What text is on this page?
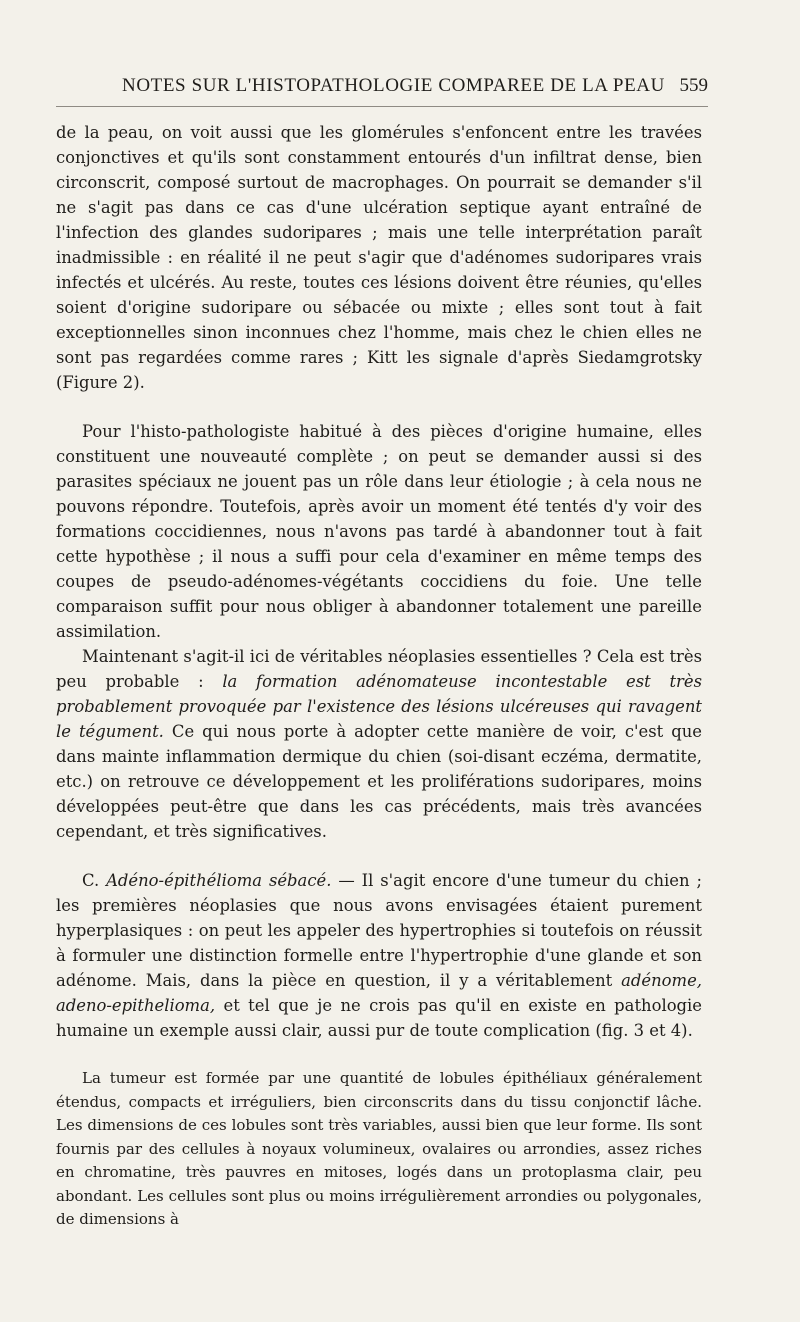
NOTES SUR L'HISTOPATHOLOGIE COMPAREE DE LA PEAU 559

de la peau, on voit aussi que les glomérules s'enfoncent entre les travées conjonctives et qu'ils sont constamment entourés d'un infiltrat dense, bien circonscrit, composé surtout de macrophages. On pourrait se demander s'il ne s'agit pas dans ce cas d'une ulcération septique ayant entraîné de l'infection des glandes sudoripares ; mais une telle interprétation paraît inadmissible : en réalité il ne peut s'agir que d'adénomes sudoripares vrais infectés et ulcérés. Au reste, toutes ces lésions doivent être réunies, qu'elles soient d'origine sudoripare ou sébacée ou mixte ; elles sont tout à fait exceptionnelles sinon inconnues chez l'homme, mais chez le chien elles ne sont pas regardées comme rares ; Kitt les signale d'après Siedamgrotsky (Figure 2).

Pour l'histo-pathologiste habitué à des pièces d'origine humaine, elles constituent une nouveauté complète ; on peut se demander aussi si des parasites spéciaux ne jouent pas un rôle dans leur étiologie ; à cela nous ne pouvons répondre. Toutefois, après avoir un moment été tentés d'y voir des formations coccidiennes, nous n'avons pas tardé à abandonner tout à fait cette hypothèse ; il nous a suffi pour cela d'examiner en même temps des coupes de pseudo-adénomes-végétants coccidiens du foie. Une telle comparaison suffit pour nous obliger à abandonner totalement une pareille assimilation.

Maintenant s'agit-il ici de véritables néoplasies essentielles ? Cela est très peu probable : la formation adénomateuse incontestable est très probablement provoquée par l'existence des lésions ulcéreuses qui ravagent le tégument. Ce qui nous porte à adopter cette manière de voir, c'est que dans mainte inflammation dermique du chien (soi-disant eczéma, dermatite, etc.) on retrouve ce développement et les proliférations sudoripares, moins développées peut-être que dans les cas précédents, mais très avancées cependant, et très significatives.

C. Adéno-épithélioma sébacé. — Il s'agit encore d'une tumeur du chien ; les premières néoplasies que nous avons envisagées étaient purement hyperplasiques : on peut les appeler des hypertrophies si toutefois on réussit à formuler une distinction formelle entre l'hypertrophie d'une glande et son adénome. Mais, dans la pièce en question, il y a véritablement adénome, adeno-epithelioma, et tel que je ne crois pas qu'il en existe en pathologie humaine un exemple aussi clair, aussi pur de toute complication (fig. 3 et 4).

La tumeur est formée par une quantité de lobules épithéliaux généralement étendus, compacts et irréguliers, bien circonscrits dans du tissu conjonctif lâche. Les dimensions de ces lobules sont très variables, aussi bien que leur forme. Ils sont fournis par des cellules à noyaux volumineux, ovalaires ou arrondies, assez riches en chromatine, très pauvres en mitoses, logés dans un protoplasma clair, peu abondant. Les cellules sont plus ou moins irrégulièrement arrondies ou polygonales, de dimensions à
